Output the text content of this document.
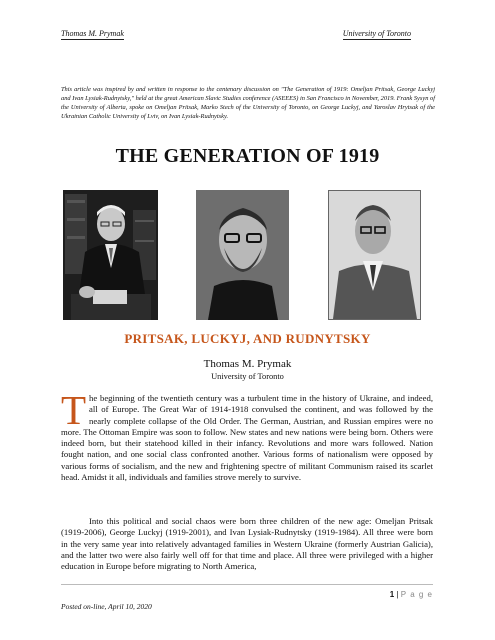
Thomas M. Prymak	University of Toronto
This article was inspired by and written in response to the centenary discussion on "The Generation of 1919: Omeljan Pritsak, George Luckyj and Ivan Lysiak-Rudnytsky," held at the great American Slavic Studies conference (ASEEES) in San Francisco in November, 2019. Frank Sysyn of the University of Alberta, spoke on Omeljan Pritsak, Marko Stech of the University of Toronto, on George Luckyj, and Yaroslav Hrytsak of the Ukrainian Catholic University of Lviv, on Ivan Lysiak-Rudnytsky.
THE GENERATION OF 1919
PRITSAK, LUCKYJ, AND RUDNYTSKY
Thomas M. Prymak
University of Toronto
The beginning of the twentieth century was a turbulent time in the history of Ukraine, and indeed, all of Europe. The Great War of 1914-1918 convulsed the continent, and was followed by the nearly complete collapse of the Old Order. The German, Austrian, and Russian empires were no more. The Ottoman Empire was soon to follow. New states and new nations were being born. Others were indeed born, but their statehood killed in their infancy. Revolutions and more wars followed. Nation fought nation, and one social class confronted another. Various forms of nationalism were opposed by various forms of socialism, and the new and frightening spectre of militant Communism raised its scarlet head. Amidst it all, individuals and families strove merely to survive.
Into this political and social chaos were born three children of the new age: Omeljan Pritsak (1919-2006), George Luckyj (1919-2001), and Ivan Lysiak-Rudnytsky (1919-1984). All three were born in the very same year into relatively advantaged families in Western Ukraine (formerly Austrian Galicia), and the latter two were also fairly well off for that time and place. All three were privileged with a higher education in Europe before migrating to North America,
1 | P a g e
Posted on-line, April 10, 2020
